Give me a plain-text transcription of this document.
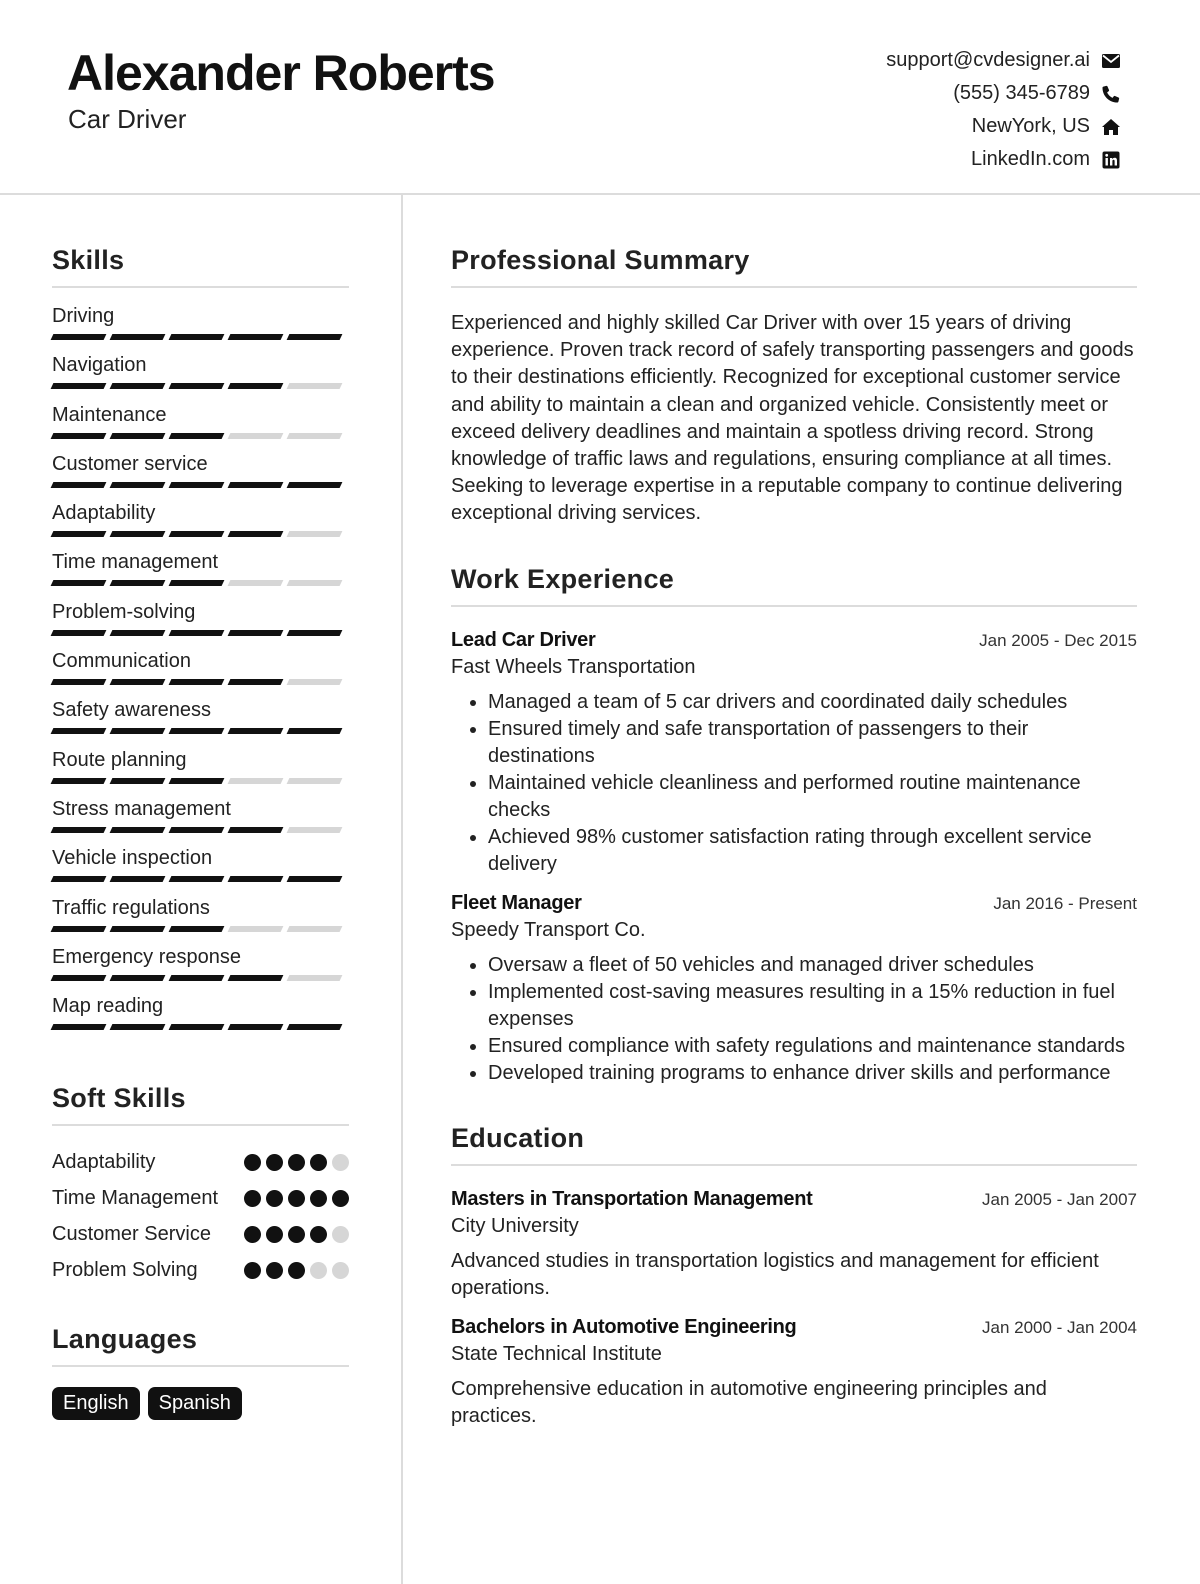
Alexander Roberts
Car Driver
support@cvdesigner.ai
(555) 345-6789
NewYork, US
LinkedIn.com
Skills
Driving
Navigation
Maintenance
Customer service
Adaptability
Time management
Problem-solving
Communication
Safety awareness
Route planning
Stress management
Vehicle inspection
Traffic regulations
Emergency response
Map reading
Soft Skills
Adaptability
Time Management
Customer Service
Problem Solving
Languages
English	Spanish
Professional Summary
Experienced and highly skilled Car Driver with over 15 years of driving experience. Proven track record of safely transporting passengers and goods to their destinations efficiently. Recognized for exceptional customer service and ability to maintain a clean and organized vehicle. Consistently meet or exceed delivery deadlines and maintain a spotless driving record. Strong knowledge of traffic laws and regulations, ensuring compliance at all times. Seeking to leverage expertise in a reputable company to continue delivering exceptional driving services.
Work Experience
Lead Car Driver	Jan 2005 - Dec 2015
Fast Wheels Transportation
• Managed a team of 5 car drivers and coordinated daily schedules
• Ensured timely and safe transportation of passengers to their destinations
• Maintained vehicle cleanliness and performed routine maintenance checks
• Achieved 98% customer satisfaction rating through excellent service delivery
Fleet Manager	Jan 2016 - Present
Speedy Transport Co.
• Oversaw a fleet of 50 vehicles and managed driver schedules
• Implemented cost-saving measures resulting in a 15% reduction in fuel expenses
• Ensured compliance with safety regulations and maintenance standards
• Developed training programs to enhance driver skills and performance
Education
Masters in Transportation Management	Jan 2005 - Jan 2007
City University
Advanced studies in transportation logistics and management for efficient operations.
Bachelors in Automotive Engineering	Jan 2000 - Jan 2004
State Technical Institute
Comprehensive education in automotive engineering principles and practices.
